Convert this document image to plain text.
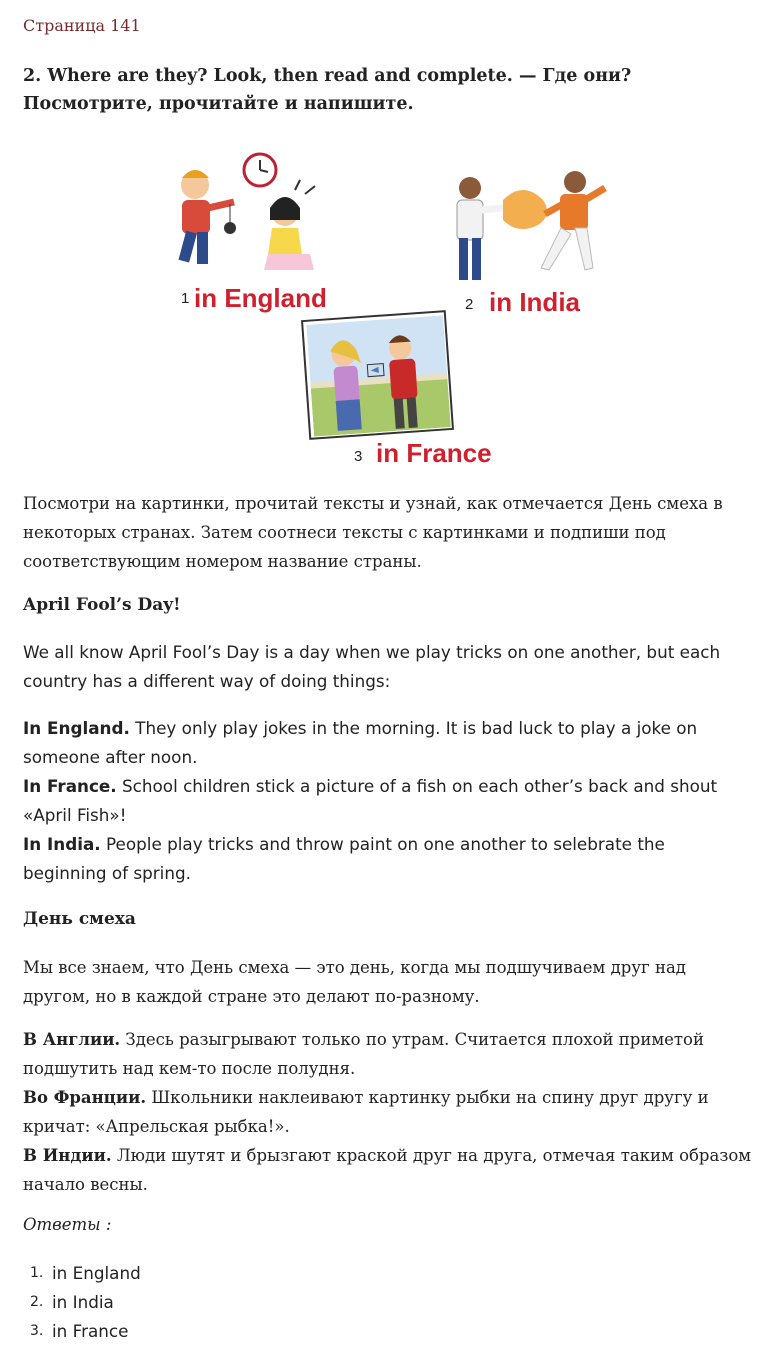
Страница 141
2. Where are they? Look, then read and complete. — Где они? Посмотрите, прочитайте и напишите.
1 in England	2 in India
3 in France
Посмотри на картинки, прочитай тексты и узнай, как отмечается День смеха в некоторых странах. Затем соотнеси тексты с картинками и подпиши под соответствующим номером название страны.
April Fool’s Day!
We all know April Fool’s Day is a day when we play tricks on one another, but each country has a different way of doing things:
In England. They only play jokes in the morning. It is bad luck to play a joke on someone after noon.
In France. School children stick a picture of a fish on each other’s back and shout «April Fish»!
In India. People play tricks and throw paint on one another to selebrate the beginning of spring.
День смеха
Мы все знаем, что День смеха — это день, когда мы подшучиваем друг над другом, но в каждой стране это делают по-разному.
В Англии. Здесь разыгрывают только по утрам. Считается плохой приметой подшутить над кем-то после полудня.
Во Франции. Школьники наклеивают картинку рыбки на спину друг другу и кричат: «Апрельская рыбка!».
В Индии. Люди шутят и брызгают краской друг на друга, отмечая таким образом начало весны.
Ответы :
1. in England
2. in India
3. in France
